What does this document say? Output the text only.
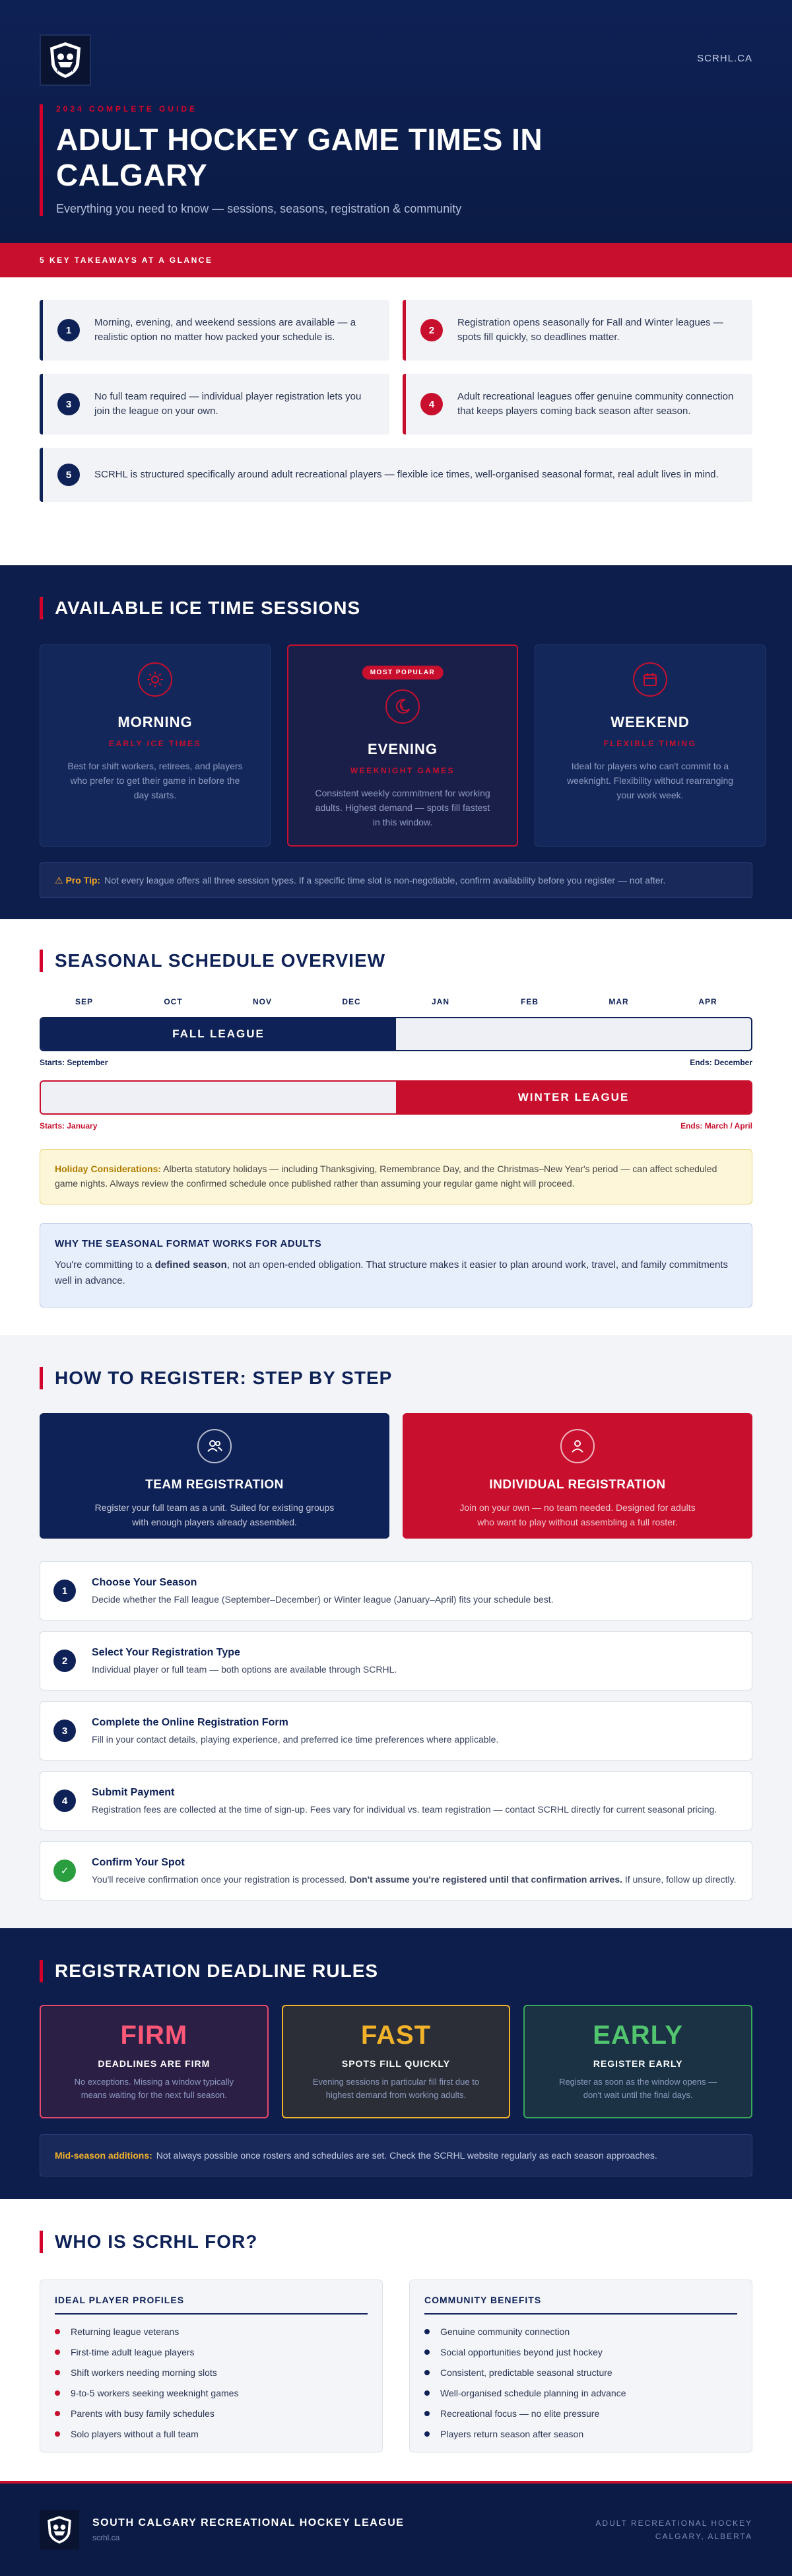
HOCKEY
SCRHL.CA
2024 COMPLETE GUIDE
ADULT HOCKEY GAME TIMES IN CALGARY
Everything you need to know — sessions, seasons, registration & community
5 KEY TAKEAWAYS AT A GLANCE
1

Morning, evening, and weekend sessions are available — a realistic option no matter how packed your schedule is.

2

Registration opens seasonally for Fall and Winter leagues — spots fill quickly, so deadlines matter.

3

No full team required — individual player registration lets you join the league on your own.

4

Adult recreational leagues offer genuine community connection that keeps players coming back season after season.

5	SCRHL is structured specifically around adult recreational players — flexible ice times, well-organised seasonal format, real adult lives in mind.

AVAILABLE ICE TIME SESSIONS
MORNING
EARLY ICE TIMES

Best for shift workers, retirees, and players who prefer to get their game in before the day starts.

MOST POPULAR
EVENING
WEEKNIGHT GAMES

Consistent weekly commitment for working adults. Highest demand — spots fill fastest in this window.

WEEKEND
FLEXIBLE TIMING

Ideal for players who can't commit to a weeknight. Flexibility without rearranging your work week.

⚠ Pro Tip: Not every league offers all three session types. If a specific time slot is non-negotiable, confirm availability before you register — not after.
SEASONAL SCHEDULE OVERVIEW
SEP	OCT	NOV	DEC	JAN	FEB	MAR	APR
FALL LEAGUE
Starts: September	Ends: December
WINTER LEAGUE
Starts: January	Ends: March / April
Holiday Considerations: Alberta statutory holidays — including Thanksgiving, Remembrance Day, and the Christmas–New Year's period — can affect scheduled game nights. Always review the confirmed schedule once published rather than assuming your regular game night will proceed.
WHY THE SEASONAL FORMAT WORKS FOR ADULTS

You're committing to a defined season, not an open-ended obligation. That structure makes it easier to plan around work, travel, and family commitments well in advance.

HOW TO REGISTER: STEP BY STEP
TEAM REGISTRATION

Register your full team as a unit. Suited for existing groups with enough players already assembled.

INDIVIDUAL REGISTRATION

Join on your own — no team needed. Designed for adults who want to play without assembling a full roster.

1
Choose Your Season

Decide whether the Fall league (September–December) or Winter league (January–April) fits your schedule best.

2
Select Your Registration Type

Individual player or full team — both options are available through SCRHL.

3
Complete the Online Registration Form

Fill in your contact details, playing experience, and preferred ice time preferences where applicable.

4
Submit Payment

Registration fees are collected at the time of sign-up. Fees vary for individual vs. team registration — contact SCRHL directly for current seasonal pricing.

✓
Confirm Your Spot

You'll receive confirmation once your registration is processed. Don't assume you're registered until that confirmation arrives. If unsure, follow up directly.

REGISTRATION DEADLINE RULES
FIRM
DEADLINES ARE FIRM

No exceptions. Missing a window typically means waiting for the next full season.

FAST
SPOTS FILL QUICKLY

Evening sessions in particular fill first due to highest demand from working adults.

EARLY
REGISTER EARLY

Register as soon as the window opens — don't wait until the final days.

Mid-season additions: Not always possible once rosters and schedules are set. Check the SCRHL website regularly as each season approaches.
WHO IS SCRHL FOR?
IDEAL PLAYER PROFILES
Returning league veterans
First-time adult league players
Shift workers needing morning slots
9-to-5 workers seeking weeknight games
Parents with busy family schedules
Solo players without a full team
COMMUNITY BENEFITS
Genuine community connection
Social opportunities beyond just hockey
Consistent, predictable seasonal structure
Well-organised schedule planning in advance
Recreational focus — no elite pressure
Players return season after season
SOUTH CALGARY RECREATIONAL HOCKEY LEAGUE
scrhl.ca
ADULT RECREATIONAL HOCKEY
CALGARY, ALBERTA
